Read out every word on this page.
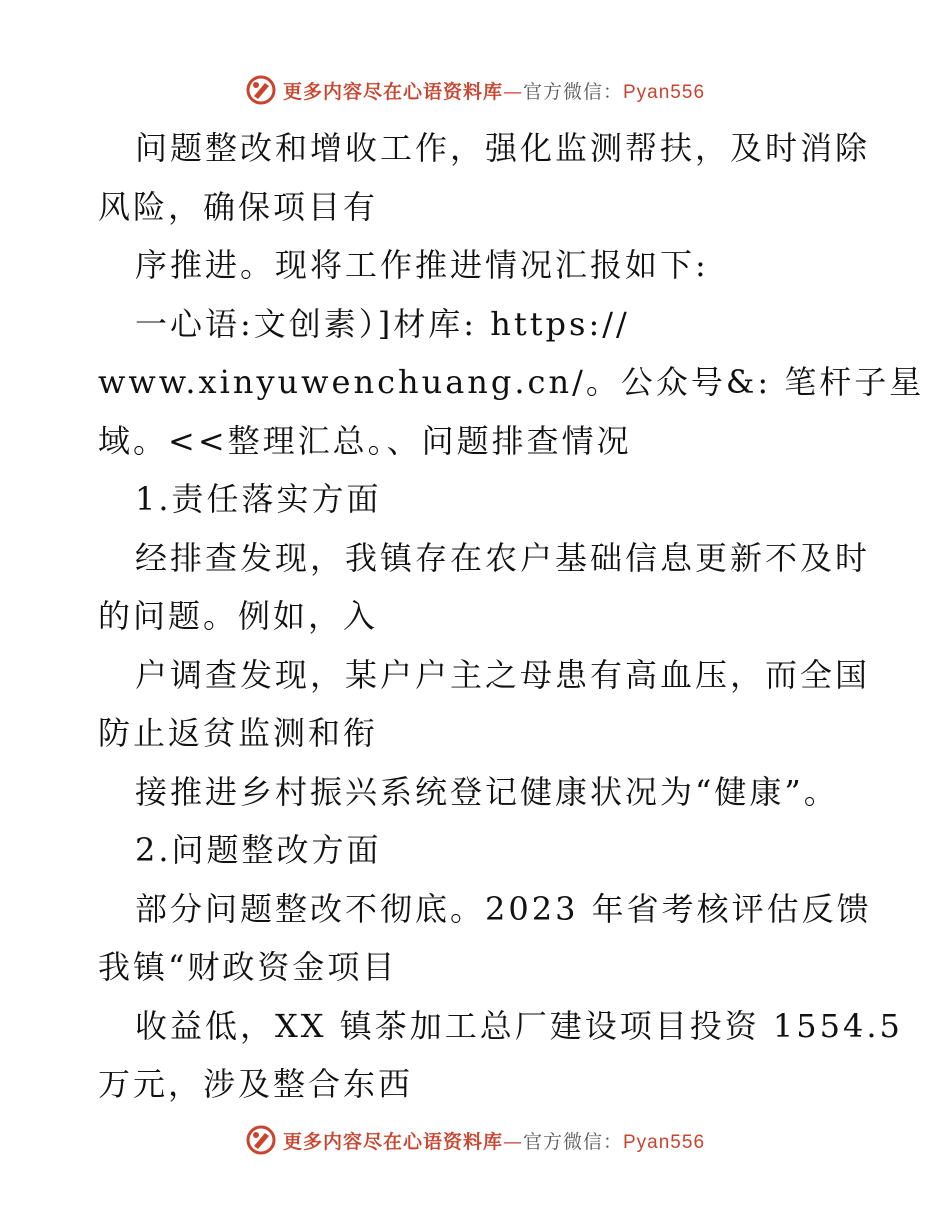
更多内容尽在心语资料库—官方微信：Pyan556
问题整改和增收工作，强化监测帮扶，及时消除
风险，确保项目有
序推进。现将工作推进情况汇报如下:
一心语:文创素）]材库: https://
www.xinyuwenchuang.cn/。公众号&: 笔杆子星
域。<<整理汇总。、问题排查情况
1.责任落实方面
经排查发现，我镇存在农户基础信息更新不及时
的问题。例如，入
户调查发现，某户户主之母患有高血压，而全国
防止返贫监测和衔
接推进乡村振兴系统登记健康状况为“健康”。
2.问题整改方面
部分问题整改不彻底。2023 年省考核评估反馈
我镇“财政资金项目
收益低，XX 镇茶加工总厂建设项目投资 1554.5
万元，涉及整合东西
更多内容尽在心语资料库—官方微信：Pyan556
